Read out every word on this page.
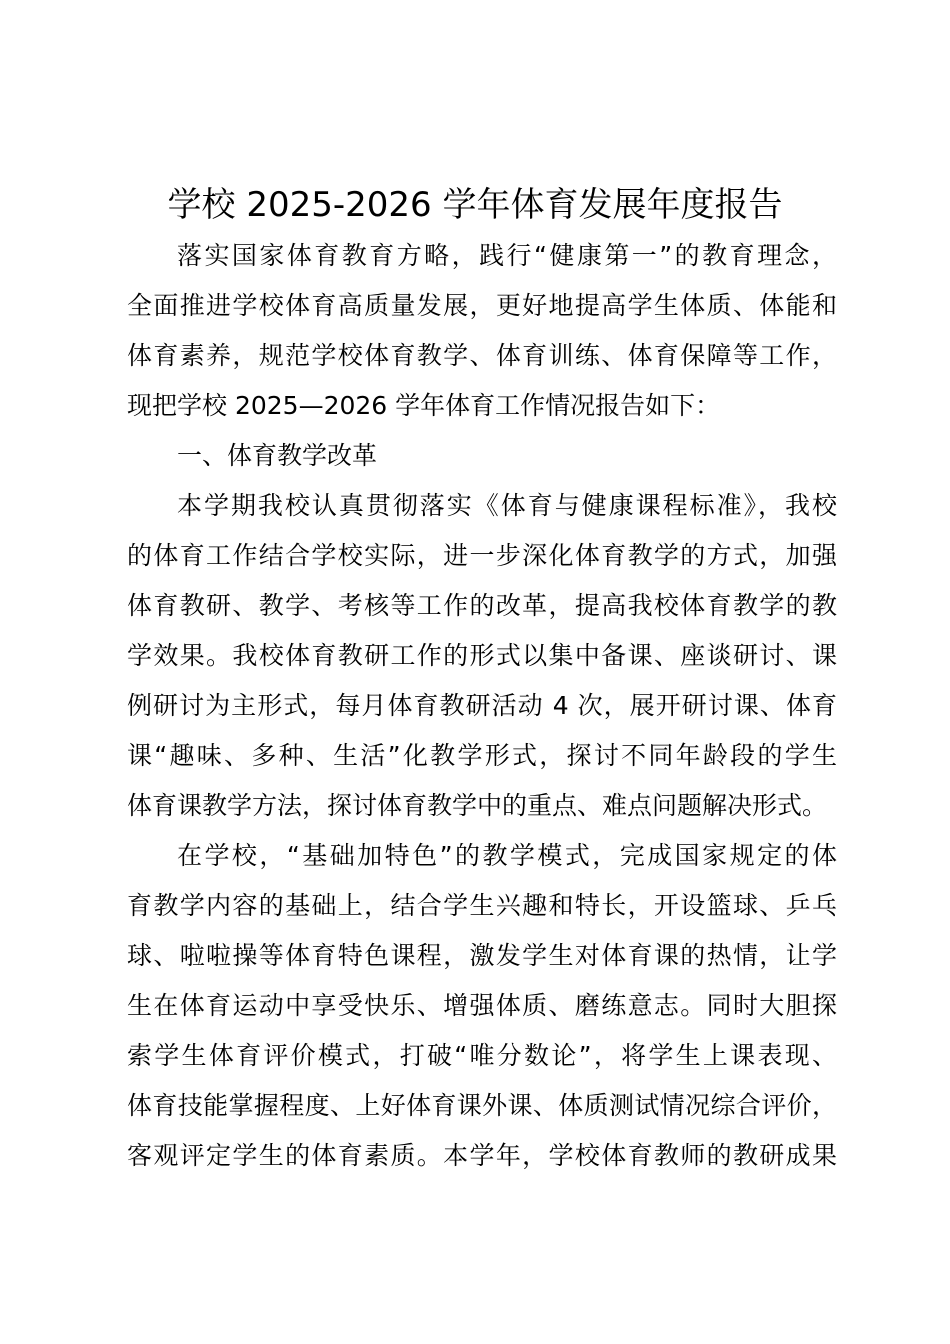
学校 2025-2026 学年体育发展年度报告

落实国家体育教育方略，践行“健康第一”的教育理念，

全面推进学校体育高质量发展，更好地提高学生体质、体能和

体育素养，规范学校体育教学、体育训练、体育保障等工作，

现把学校 2025—2026 学年体育工作情况报告如下：

一、体育教学改革

本学期我校认真贯彻落实《体育与健康课程标准》，我校

的体育工作结合学校实际，进一步深化体育教学的方式，加强

体育教研、教学、考核等工作的改革，提高我校体育教学的教

学效果。我校体育教研工作的形式以集中备课、座谈研讨、课

例研讨为主形式，每月体育教研活动 4 次，展开研讨课、体育

课“趣味、多种、生活”化教学形式，探讨不同年龄段的学生

体育课教学方法，探讨体育教学中的重点、难点问题解决形式。

在学校，“基础加特色”的教学模式，完成国家规定的体

育教学内容的基础上，结合学生兴趣和特长，开设篮球、乒乓

球、啦啦操等体育特色课程，激发学生对体育课的热情，让学

生在体育运动中享受快乐、增强体质、磨练意志。同时大胆探

索学生体育评价模式，打破“唯分数论”，将学生上课表现、

体育技能掌握程度、上好体育课外课、体质测试情况综合评价，

客观评定学生的体育素质。本学年，学校体育教师的教研成果
